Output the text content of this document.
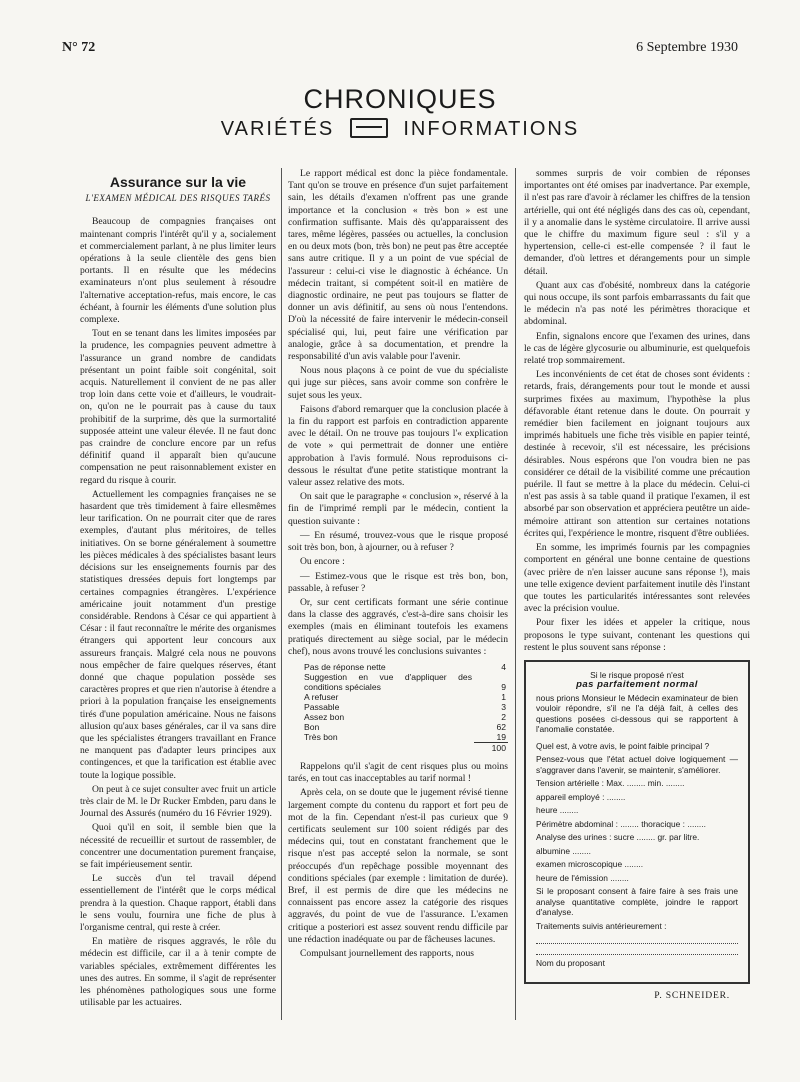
N° 72	6 Septembre 1930
CHRONIQUES
VARIÉTÉS	INFORMATIONS
Assurance sur la vie
L'EXAMEN MÉDICAL DES RISQUES TARÉS

Beaucoup de compagnies françaises ont maintenant compris l'intérêt qu'il y a, socialement et commercialement parlant, à ne plus limiter leurs opérations à la seule clientèle des gens bien portants. Il en résulte que les médecins examinateurs n'ont plus seulement à résoudre l'alternative acceptation-refus, mais encore, le cas échéant, à fournir les éléments d'une solution plus complexe.

Tout en se tenant dans les limites imposées par la prudence, les compagnies peuvent admettre à l'assurance un grand nombre de candidats présentant un point faible soit congénital, soit acquis. Naturellement il convient de ne pas aller trop loin dans cette voie et d'ailleurs, le voudrait-on, qu'on ne le pourrait pas à cause du taux prohibitif de la surprime, dès que la surmortalité supposée atteint une valeur élevée. Il ne faut donc pas craindre de conclure encore par un refus définitif quand il apparaît bien qu'aucune compensation ne peut raisonnablement exister en regard du risque à courir.

Actuellement les compagnies françaises ne se hasardent que très timidement à faire ellesmêmes leur tarification. On ne pourrait citer que de rares exemples, d'autant plus méritoires, de telles initiatives. On se borne généralement à soumettre les pièces médicales à des spécialistes basant leurs décisions sur les enseignements fournis par des statistiques dressées depuis fort longtemps par certaines compagnies étrangères. L'expérience américaine jouit notamment d'un prestige considérable. Rendons à César ce qui appartient à César : il faut reconnaître le mérite des organismes étrangers qui apportent leur concours aux assureurs français. Malgré cela nous ne pouvons nous empêcher de faire quelques réserves, étant donné que chaque population possède ses caractères propres et que rien n'autorise à étendre a priori à la population française les enseignements tirés d'une population américaine. Nous ne faisons allusion qu'aux bases générales, car il va sans dire que les spécialistes étrangers travaillant en France ne manquent pas d'adapter leurs principes aux contingences, et que la tarification est établie avec toute la logique possible.

On peut à ce sujet consulter avec fruit un article très clair de M. le Dr Rucker Embden, paru dans le Journal des Assurés (numéro du 16 Février 1929).

Quoi qu'il en soit, il semble bien que la nécessité de recueillir et surtout de rassembler, de concentrer une documentation purement française, se fait impérieusement sentir.

Le succès d'un tel travail dépend essentiellement de l'intérêt que le corps médical prendra à la question. Chaque rapport, établi dans le sens voulu, fournira une fiche de plus à l'organisme central, qui reste à créer.

En matière de risques aggravés, le rôle du médecin est difficile, car il a à tenir compte de variables spéciales, extrêmement différentes les unes des autres. En somme, il s'agit de représenter les phénomènes pathologiques sous une forme utilisable par les actuaires.

Le rapport médical est donc la pièce fondamentale. Tant qu'on se trouve en présence d'un sujet parfaitement sain, les détails d'examen n'offrent pas une grande importance et la conclusion « très bon » est une confirmation suffisante. Mais dès qu'apparaissent des tares, même légères, passées ou actuelles, la conclusion en ou deux mots (bon, très bon) ne peut pas être acceptée sans autre critique. Il y a un point de vue spécial de l'assureur : celui-ci vise le diagnostic à échéance. Un médecin traitant, si compétent soit-il en matière de diagnostic ordinaire, ne peut pas toujours se flatter de donner un avis définitif, au sens où nous l'entendons. D'où la nécessité de faire intervenir le médecin-conseil spécialisé qui, lui, peut faire une vérification par analogie, grâce à sa documentation, et prendre la responsabilité d'un avis valable pour l'avenir.

Nous nous plaçons à ce point de vue du spécialiste qui juge sur pièces, sans avoir comme son confrère le sujet sous les yeux.

Faisons d'abord remarquer que la conclusion placée à la fin du rapport est parfois en contradiction apparente avec le détail. On ne trouve pas toujours l'« explication de vote » qui permettrait de donner une entière approbation à l'avis formulé. Nous reproduisons ci-dessous le résultat d'une petite statistique montrant la valeur assez relative des mots.

On sait que le paragraphe « conclusion », réservé à la fin de l'imprimé rempli par le médecin, contient la question suivante :

— En résumé, trouvez-vous que le risque proposé soit très bon, bon, à ajourner, ou à refuser ?

Ou encore :

— Estimez-vous que le risque est très bon, bon, passable, à refuser ?

Or, sur cent certificats formant une série continue dans la classe des aggravés, c'est-à-dire sans choisir les exemples (mais en éliminant toutefois les examens pratiqués directement au siège social, par le médecin chef), nous avons trouvé les conclusions suivantes :

Pas de réponse nette	4
Suggestion en vue d'appliquer des conditions spéciales	9
A refuser	1
Passable	3
Assez bon	2
Bon	62
Très bon	19
	100

Rappelons qu'il s'agit de cent risques plus ou moins tarés, en tout cas inacceptables au tarif normal !

Après cela, on se doute que le jugement révisé tienne largement compte du contenu du rapport et fort peu de mot de la fin. Cependant n'est-il pas curieux que 9 certificats seulement sur 100 soient rédigés par des médecins qui, tout en constatant franchement que le risque n'est pas accepté selon la normale, se sont préoccupés d'un repêchage possible moyennant des conditions spéciales (par exemple : limitation de durée). Bref, il est permis de dire que les médecins ne connaissent pas encore assez la catégorie des risques aggravés, du point de vue de l'assurance. L'examen critique a posteriori est assez souvent rendu difficile par une rédaction inadéquate ou par de fâcheuses lacunes.

Compulsant journellement des rapports, nous

sommes surpris de voir combien de réponses importantes ont été omises par inadvertance. Par exemple, il n'est pas rare d'avoir à réclamer les chiffres de la tension artérielle, qui ont été négligés dans des cas où, cependant, il y a anomalie dans le système circulatoire. Il arrive aussi que le chiffre du maximum figure seul : s'il y a hypertension, celle-ci est-elle compensée ? il faut le demander, d'où lettres et dérangements pour un simple détail.

Quant aux cas d'obésité, nombreux dans la catégorie qui nous occupe, ils sont parfois embarrassants du fait que le médecin n'a pas noté les périmètres thoracique et abdominal.

Enfin, signalons encore que l'examen des urines, dans le cas de légère glycosurie ou albuminurie, est quelquefois relaté trop sommairement.

Les inconvénients de cet état de choses sont évidents : retards, frais, dérangements pour tout le monde et aussi surprimes fixées au maximum, l'hypothèse la plus défavorable étant retenue dans le doute. On pourrait y remédier bien facilement en joignant toujours aux imprimés habituels une fiche très visible en papier teinté, destinée à recevoir, s'il est nécessaire, les précisions désirables. Nous espérons que l'on voudra bien ne pas considérer ce détail de la visibilité comme une précaution puérile. Il faut se mettre à la place du médecin. Celui-ci n'est pas assis à sa table quand il pratique l'examen, il est absorbé par son observation et appréciera peutêtre un aide-mémoire attirant son attention sur certaines notations écrites qui, l'expérience le montre, risquent d'être oubliées.

En somme, les imprimés fournis par les compagnies comportent en général une bonne centaine de questions (avec prière de n'en laisser aucune sans réponse !), mais une telle exigence devient parfaitement inutile dès l'instant que toutes les particularités intéressantes sont relevées avec la précision voulue.

Pour fixer les idées et appeler la critique, nous proposons le type suivant, contenant les questions qui restent le plus souvent sans réponse :

Si le risque proposé n'est
pas parfaitement normal
nous prions Monsieur le Médecin examinateur de bien vouloir répondre, s'il ne l'a déjà fait, à celles des questions posées ci-dessous qui se rapportent à l'anomalie constatée.
Quel est, à votre avis, le point faible principal ?
Pensez-vous que l'état actuel doive logiquement — s'aggraver dans l'avenir, se maintenir, s'améliorer.
Tension artérielle : Max. ........ min. ........
appareil employé : ........
heure ........
Périmètre abdominal : ........ thoracique : ........
Analyse des urines : sucre ........ gr. par litre.
albumine ........
examen microscopique ........
heure de l'émission ........
Si le proposant consent à faire faire à ses frais une analyse quantitative complète, joindre le rapport d'analyse.
Traitements suivis antérieurement :
Nom du proposant
P. SCHNEIDER.
